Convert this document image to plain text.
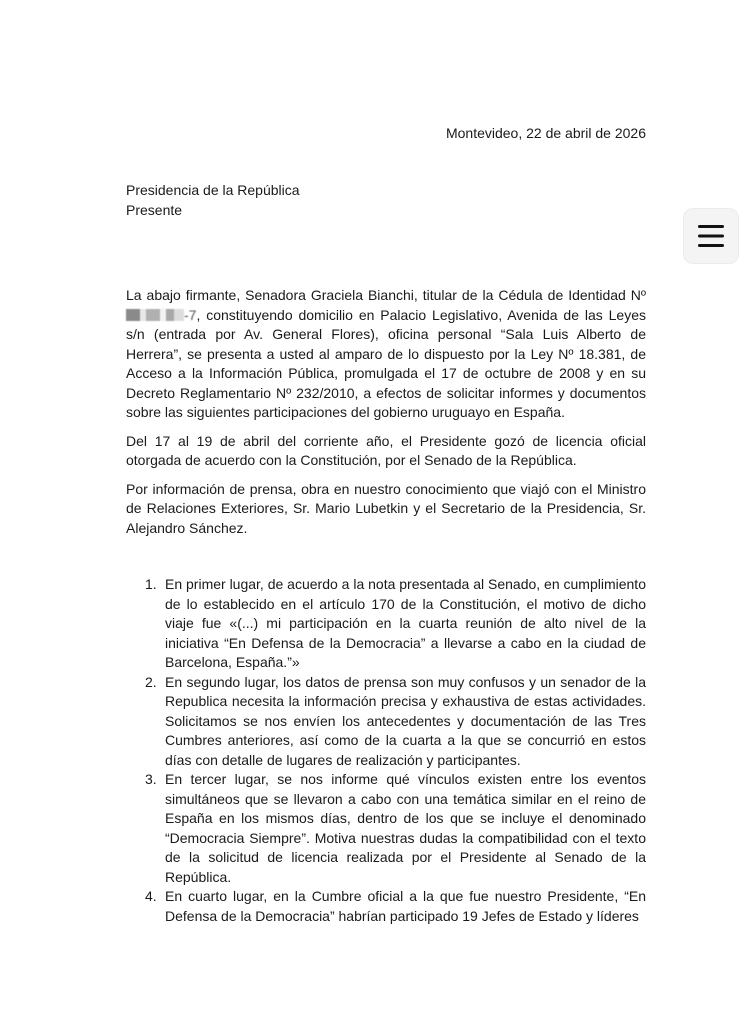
Montevideo, 22 de abril de 2026
Presidencia de la República
Presente

La abajo firmante, Senadora Graciela Bianchi, titular de la Cédula de Identidad Nº -7, constituyendo domicilio en Palacio Legislativo, Avenida de las Leyes s/n (entrada por Av. General Flores), oficina personal “Sala Luis Alberto de Herrera”, se presenta a usted al amparo de lo dispuesto por la Ley Nº 18.381, de Acceso a la Información Pública, promulgada el 17 de octubre de 2008 y en su Decreto Reglamentario Nº 232/2010, a efectos de solicitar informes y documentos sobre las siguientes participaciones del gobierno uruguayo en España.

Del 17 al 19 de abril del corriente año, el Presidente gozó de licencia oficial otorgada de acuerdo con la Constitución, por el Senado de la República.

Por información de prensa, obra en nuestro conocimiento que viajó con el Ministro de Relaciones Exteriores, Sr. Mario Lubetkin y el Secretario de la Presidencia, Sr. Alejandro Sánchez.

1. En primer lugar, de acuerdo a la nota presentada al Senado, en cumplimiento de lo establecido en el artículo 170 de la Constitución, el motivo de dicho viaje fue «(...) mi participación en la cuarta reunión de alto nivel de la iniciativa “En Defensa de la Democracia” a llevarse a cabo en la ciudad de Barcelona, España.”»
2. En segundo lugar, los datos de prensa son muy confusos y un senador de la Republica necesita la información precisa y exhaustiva de estas actividades. Solicitamos se nos envíen los antecedentes y documentación de las Tres Cumbres anteriores, así como de la cuarta a la que se concurrió en estos días con detalle de lugares de realización y participantes.
3. En tercer lugar, se nos informe qué vínculos existen entre los eventos simultáneos que se llevaron a cabo con una temática similar en el reino de España en los mismos días, dentro de los que se incluye el denominado “Democracia Siempre”. Motiva nuestras dudas la compatibilidad con el texto de la solicitud de licencia realizada por el Presidente al Senado de la República.
4. En cuarto lugar, en la Cumbre oficial a la que fue nuestro Presidente, “En Defensa de la Democracia” habrían participado 19 Jefes de Estado y líderes
